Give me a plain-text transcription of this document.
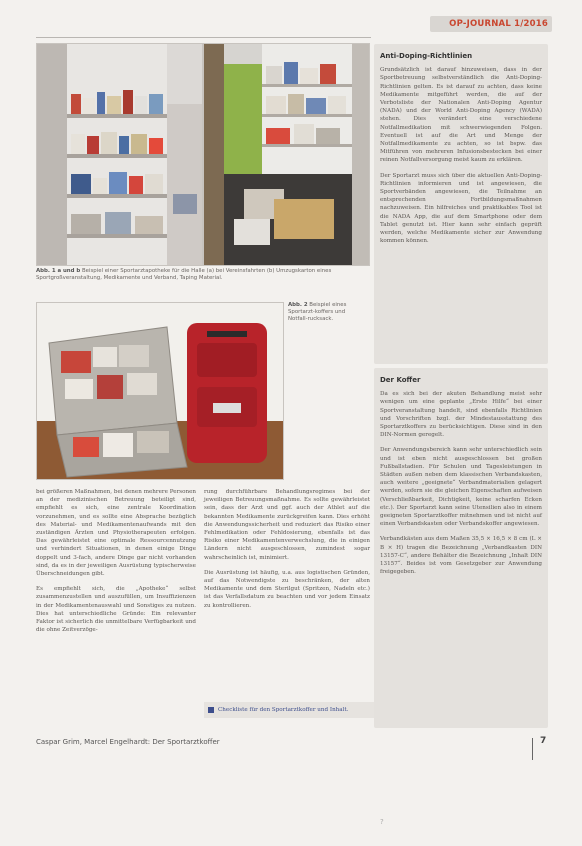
OP-JOURNAL 1/2016
Abb. 1 a und b Beispiel einer Sportarztapotheke für die Halle (a) bei Vereinsfahrten (b) Umzugskarton eines Sportgroßveranstaltung, Medikamente und Verband, Taping Material.
Abb. 2 Beispiel eines Sportarzt-koffers und Notfall-rucksack.

bei größeren Maßnahmen, bei denen mehrere Personen an der medizinischen Betreuung beteiligt sind, empfiehlt es sich, eine zentrale Koordination vorzunehmen, und es sollte eine Absprache bezüglich des Material- und Medikamentenaufwands mit den zuständigen Ärzten und Physiotherapeuten erfolgen. Das gewährleistet eine optimale Ressourcennutzung und verhindert Situationen, in denen einige Dinge doppelt und 3-fach, andere Dinge gar nicht vorhanden sind, da es in der jeweiligen Ausrüstung typischerweise Überschneidungen gibt.

Es empfiehlt sich, die „Apotheke“ selbst zusammenzustellen und auszufüllen, um Insuffizienzen in der Medikamentenauswahl und Sonstiges zu nutzen. Dies hat unterschiedliche Gründe: Ein relevanter Faktor ist sicherlich die unmittelbare Verfügbarkeit und die ohne Zeitverzöge-

rung durchführbare Behandlungsregimes bei der jeweiligen Betreuungsmaßnahme. Es sollte gewährleistet sein, dass der Arzt und ggf. auch der Athlet auf die bekannten Medikamente zurückgreifen kann. Dies erhöht die Anwendungssicherheit und reduziert das Risiko einer Fehlmedikation oder Fehldosierung, ebenfalls ist das Risiko einer Medikamentenverwechslung, die in einigen Ländern nicht ausgeschlossen, zumindest sogar wahrscheinlich ist, minimiert.

Die Ausrüstung ist häufig, u.a. aus logistischen Gründen, auf das Notwendigste zu beschränken, der alten Medikamente und dem Sterilgut (Spritzen, Nadeln etc.) ist das Verfallsdatum zu beachten und vor jedem Einsatz zu kontrollieren.

Checkliste für den Sportarztkoffer und Inhalt.
Anti-Doping-Richtlinien

Grundsätzlich ist darauf hinzuweisen, dass in der Sportbetreuung selbstverständlich die Anti-Doping-Richtlinien gelten. Es ist darauf zu achten, dass keine Medikamente mitgeführt werden, die auf der Verbotsliste der Nationalen Anti-Doping Agentur (NADA) und der World Anti-Doping Agency (WADA) stehen. Dies verändert eine verschiedene Notfallmedikation mit schwerwiegenden Folgen. Eventuell ist auf die Art und Menge der Notfallmedikamente zu achten, so ist bspw. das Mitführen von mehreren Infusionsbestecken bei einer reinen Notfallversorgung meist kaum zu erklären.

Der Sportarzt muss sich über die aktuellen Anti-Doping-Richtlinien informieren und ist angewiesen, die Sportverbänden angewiesen, die Teilnahme an entsprechenden Fortbildungsmaßnahmen nachzuweisen. Ein hilfreiches und praktikables Tool ist die NADA App, die auf dem Smartphone oder dem Tablet genutzt ist. Hier kann sehr einfach geprüft werden, welche Medikamente sicher zur Anwendung kommen können.

Der Koffer

Da es sich bei der akuten Behandlung meist sehr wenigen um eine geplante „Erste Hilfe“ bei einer Sportveranstaltung handelt, sind ebenfalls Richtlinien und Vorschriften bzgl. der Mindestausstattung des Sportarztkoffers zu berücksichtigen. Diese sind in den DIN-Normen geregelt.

Der Anwendungsbereich kann sehr unterschiedlich sein und ist eben nicht ausgeschlossen bei großen Fußballstadien. Für Schulen und Tagesleistungen in Städten außen neben dem klassischen Verbandskasten, auch weitere „geeignete“ Verbandmaterialien gelagert werden, sofern sie die gleichen Eigenschaften aufweisen (Verschließbarkeit, Dichtigkeit, keine scharfen Ecken etc.). Der Sportarzt kann seine Utensilien also in einem geeigneten Sportarztkoffer mitnehmen und ist nicht auf einen Verbandskasten oder Verbandskoffer angewiesen.

Verbandkästen aus dem Maßen 35,5 × 16,5 × 8 cm (L × B × H) tragen die Bezeichnung „Verbandkasten DIN 13157-C“, andere Behälter die Bezeichnung „Inhalt DIN 13157“. Beides ist vom Gesetzgeber zur Anwendung freigegeben.

Caspar Grim, Marcel Engelhardt: Der Sportarztkoffer	7
?
